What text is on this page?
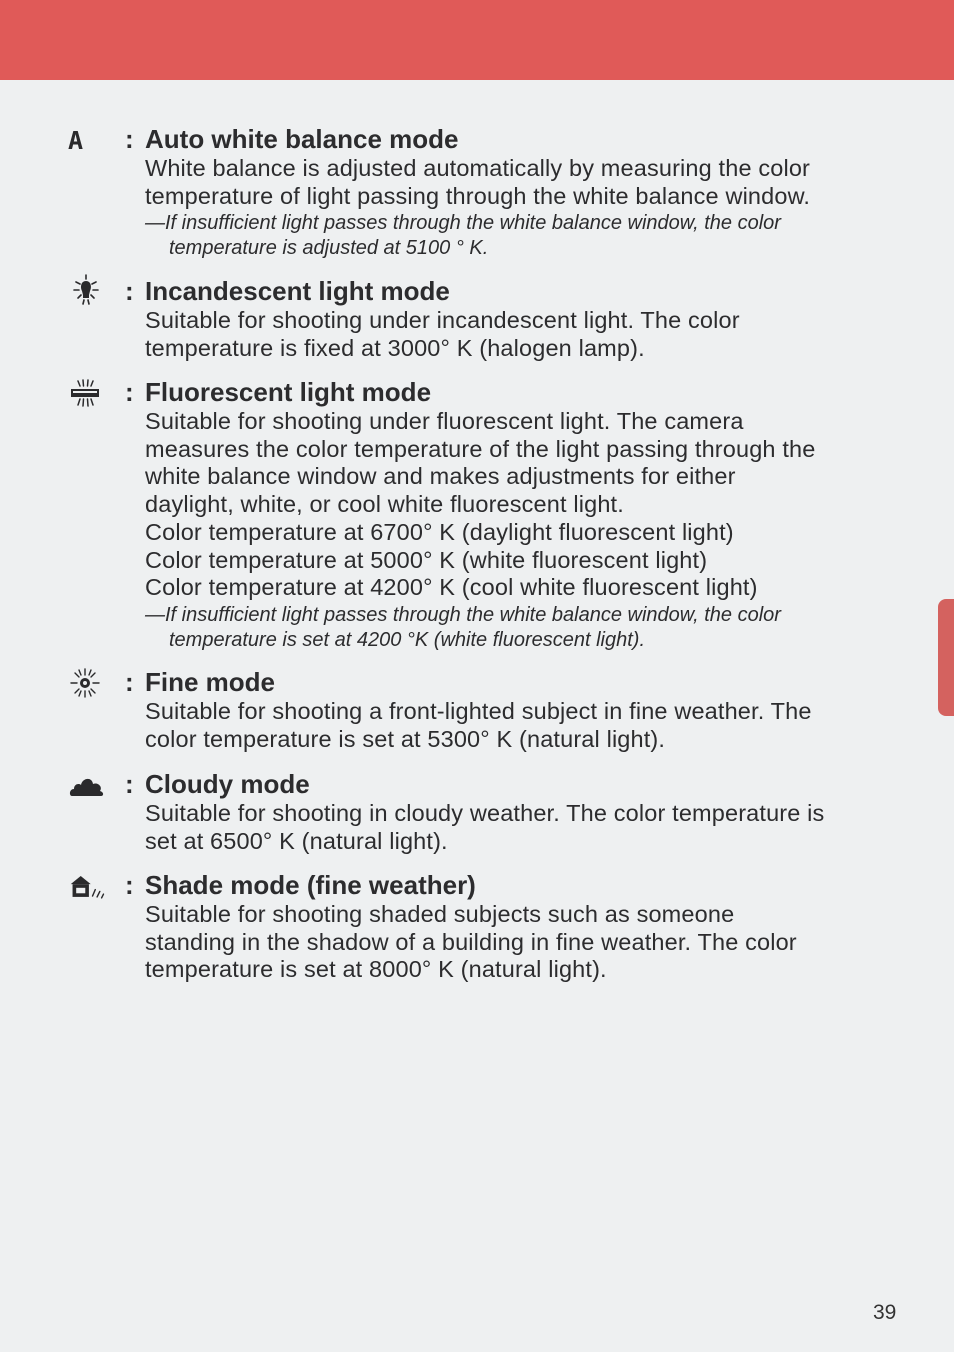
A : Auto white balance mode

White balance is adjusted automatically by measuring the color

temperature of light passing through the white balance window.

—If insufficient light passes through the white balance window, the color
temperature is adjusted at 5100 ° K.
: Incandescent light mode

Suitable for shooting under incandescent light. The color

temperature is fixed at 3000° K (halogen lamp).

: Fluorescent light mode

Suitable for shooting under fluorescent light. The camera

measures the color temperature of the light passing through the

white balance window and makes adjustments for either

daylight, white, or cool white fluorescent light.

Color temperature at 6700° K (daylight fluorescent light)

Color temperature at 5000° K (white fluorescent light)

Color temperature at 4200° K (cool white fluorescent light)

—If insufficient light passes through the white balance window, the color
temperature is set at 4200 °K (white fluorescent light).
: Fine mode

Suitable for shooting a front-lighted subject in fine weather. The

color temperature is set at 5300° K (natural light).

: Cloudy mode

Suitable for shooting in cloudy weather. The color temperature is

set at 6500° K (natural light).

: Shade mode (fine weather)

Suitable for shooting shaded subjects such as someone

standing in the shadow of a building in fine weather. The color

temperature is set at 8000° K (natural light).

39
